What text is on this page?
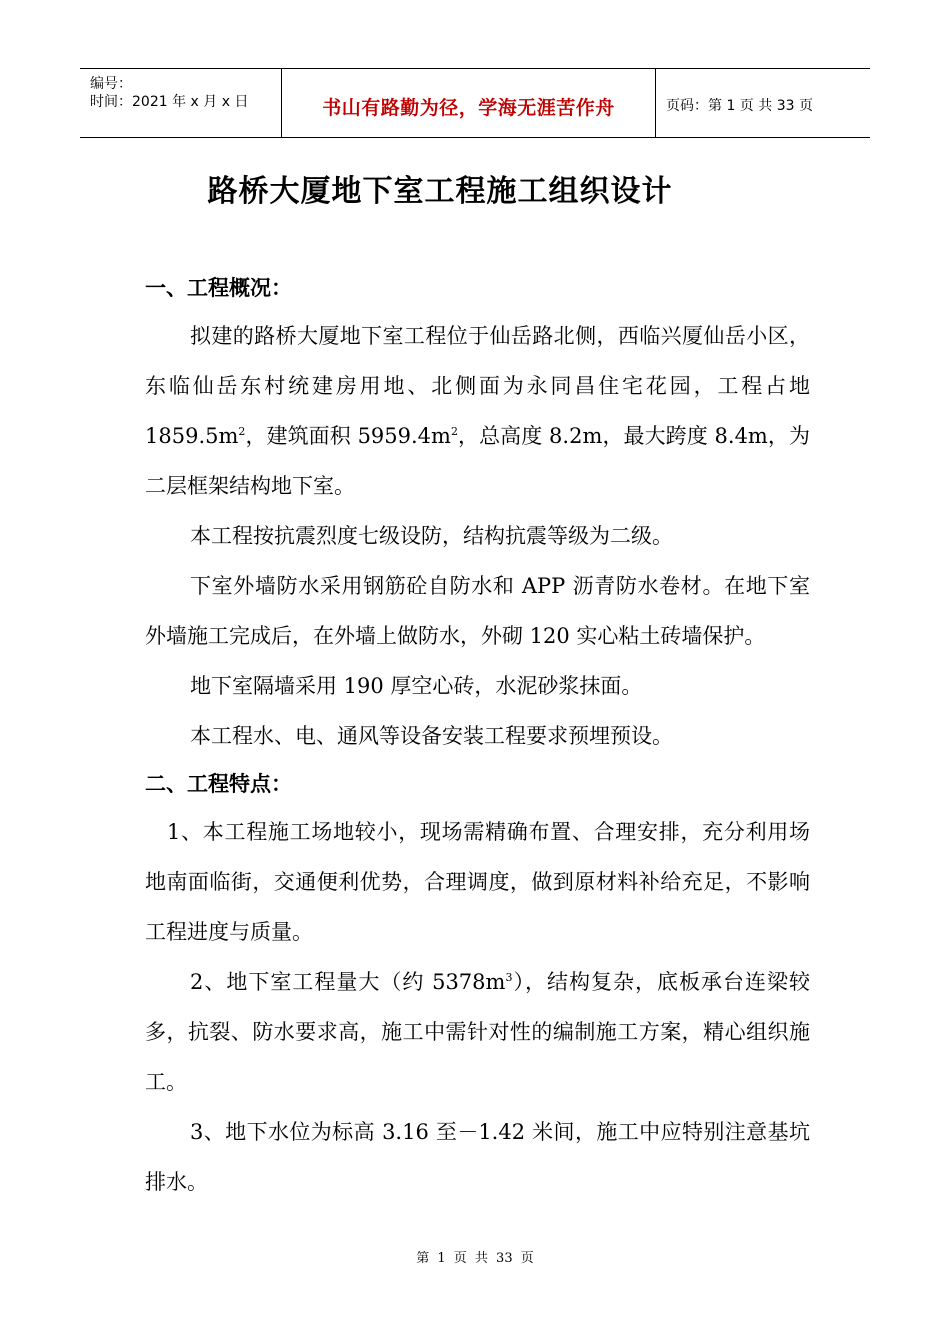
编号：
时间：2021 年 x 月 x 日	书山有路勤为径，学海无涯苦作舟	页码：第 1 页 共 33 页
路桥大厦地下室工程施工组织设计
一、工程概况：

拟建的路桥大厦地下室工程位于仙岳路北侧，西临兴厦仙岳小区，东临仙岳东村统建房用地、北侧面为永同昌住宅花园，工程占地 $1859.5m^2$，建筑面积 $5959.4m^2$，总高度 8.2m，最大跨度 8.4m，为二层框架结构地下室。

本工程按抗震烈度七级设防，结构抗震等级为二级。

下室外墙防水采用钢筋砼自防水和 APP 沥青防水卷材。在地下室外墙施工完成后，在外墙上做防水，外砌 120 实心粘土砖墙保护。

地下室隔墙采用 190 厚空心砖，水泥砂浆抹面。

本工程水、电、通风等设备安装工程要求预埋预设。

二、工程特点：

1、本工程施工场地较小，现场需精确布置、合理安排，充分利用场地南面临街，交通便利优势，合理调度，做到原材料补给充足，不影响工程进度与质量。

2、地下室工程量大（约 $5378m^3$），结构复杂，底板承台连梁较多，抗裂、防水要求高，施工中需针对性的编制施工方案，精心组织施工。

3、地下水位为标高 3.16 至－1.42 米间，施工中应特别注意基坑排水。

第 1 页 共 33 页
